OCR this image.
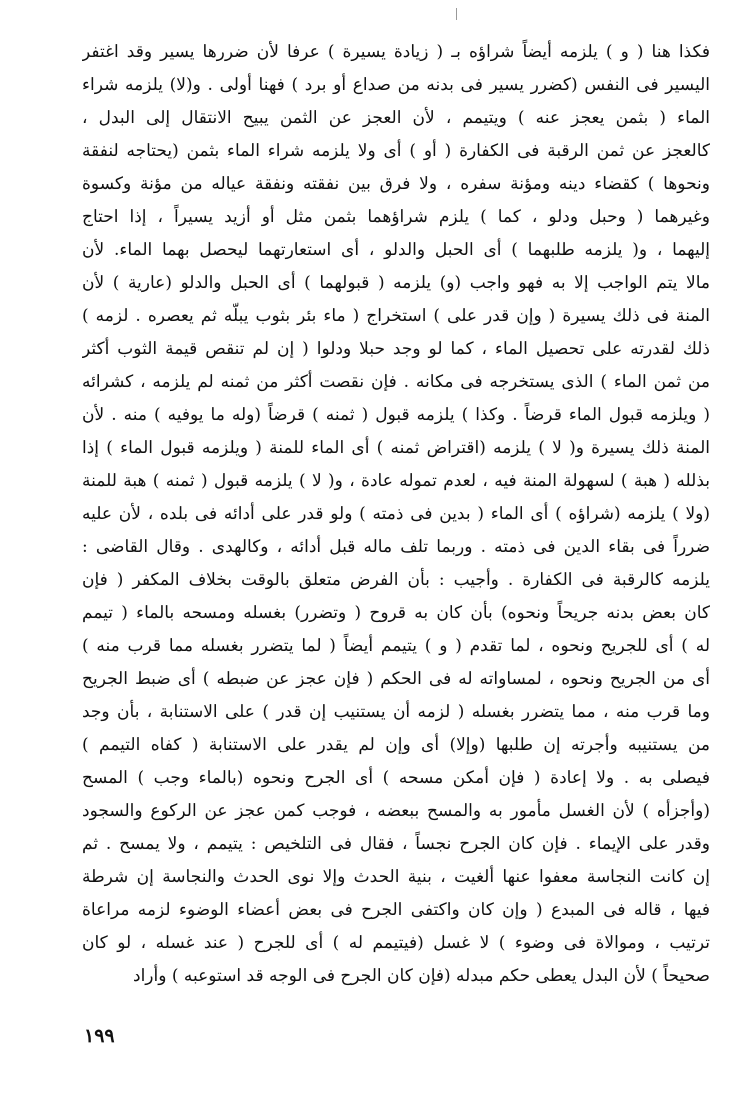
فكذا هنا ( و ) يلزمه أيضاً شراؤه بـ ( زيادة يسيرة ) عرفا لأن ضررها يسير وقد اغتفر
اليسير فى النفس (كضرر يسير فى بدنه من صداع أو برد ) فهنا أولى . و(لا) يلزمه شراء
الماء ( بثمن يعجز عنه ) ويتيمم ، لأن العجز عن الثمن يبيح الانتقال إلى البدل ،
كالعجز عن ثمن الرقبة فى الكفارة ( أو ) أى ولا يلزمه شراء الماء بثمن (يحتاجه لنفقة
ونحوها ) كقضاء دينه ومؤنة سفره ، ولا فرق بين نفقته ونفقة عياله من مؤنة وكسوة
وغيرهما ( وحبل ودلو ، كما ) يلزم شراؤهما بثمن مثل أو أزيد يسيراً ، إذا احتاج
إليهما ، و( يلزمه طلبهما ) أى الحبل والدلو ، أى استعارتهما ليحصل بهما الماء. لأن
مالا يتم الواجب إلا به فهو واجب (و) يلزمه ( قبولهما ) أى الحبل والدلو (عارية ) لأن
المنة فى ذلك يسيرة ( وإن قدر على ) استخراج ( ماء بئر بثوب يبلّه ثم يعصره . لزمه )
ذلك لقدرته على تحصيل الماء ، كما لو وجد حبلا ودلوا ( إن لم تنقص قيمة الثوب أكثر
من ثمن الماء ) الذى يستخرجه فى مكانه . فإن نقصت أكثر من ثمنه لم يلزمه ، كشرائه
( ويلزمه قبول الماء قرضاً . وكذا ) يلزمه قبول ( ثمنه ) قرضاً (وله ما يوفيه ) منه . لأن
المنة ذلك يسيرة و( لا ) يلزمه (اقتراض ثمنه ) أى الماء للمنة ( ويلزمه قبول الماء ) إذا
بذلله ( هبة ) لسهولة المنة فيه ، لعدم تموله عادة ، و( لا ) يلزمه قبول ( ثمنه ) هبة للمنة
(ولا ) يلزمه (شراؤه ) أى الماء ( بدين فى ذمته ) ولو قدر على أدائه فى بلده ، لأن عليه
ضرراً فى بقاء الدين فى ذمته . وربما تلف ماله قبل أدائه ، وكالهدى . وقال القاضى :
يلزمه كالرقبة فى الكفارة . وأجيب : بأن الفرض متعلق بالوقت بخلاف المكفر ( فإن
كان بعض بدنه جريحاً ونحوه) بأن كان به قروح ( وتضرر) بغسله ومسحه بالماء ( تيمم
له ) أى للجريح ونحوه ، لما تقدم ( و ) يتيمم أيضاً ( لما يتضرر بغسله مما قرب منه )
أى من الجريح ونحوه ، لمساواته له فى الحكم ( فإن عجز عن ضبطه ) أى ضبط الجريح
وما قرب منه ، مما يتضرر بغسله ( لزمه أن يستنيب إن قدر ) على الاستنابة ، بأن وجد
من يستنيبه وأجرته إن طلبها (وإلا) أى وإن لم يقدر على الاستنابة ( كفاه التيمم )
فيصلى به . ولا إعادة ( فإن أمكن مسحه ) أى الجرح ونحوه (بالماء وجب ) المسح
(وأجزأه ) لأن الغسل مأمور به والمسح ببعضه ، فوجب كمن عجز عن الركوع والسجود
وقدر على الإيماء . فإن كان الجرح نجساً ، فقال فى التلخيص : يتيمم ، ولا يمسح . ثم
إن كانت النجاسة معفوا عنها ألغيت ، بنية الحدث وإلا نوى الحدث والنجاسة إن شرطة
فيها ، قاله فى المبدع ( وإن كان واكتفى الجرح فى بعض أعضاء الوضوء لزمه مراعاة
ترتيب ، وموالاة فى وضوء ) لا غسل (فيتيمم له ) أى للجرح ( عند غسله ، لو كان
صحيحاً ) لأن البدل يعطى حكم مبدله (فإن كان الجرح فى الوجه قد استوعبه ) وأراد
١٩٩
